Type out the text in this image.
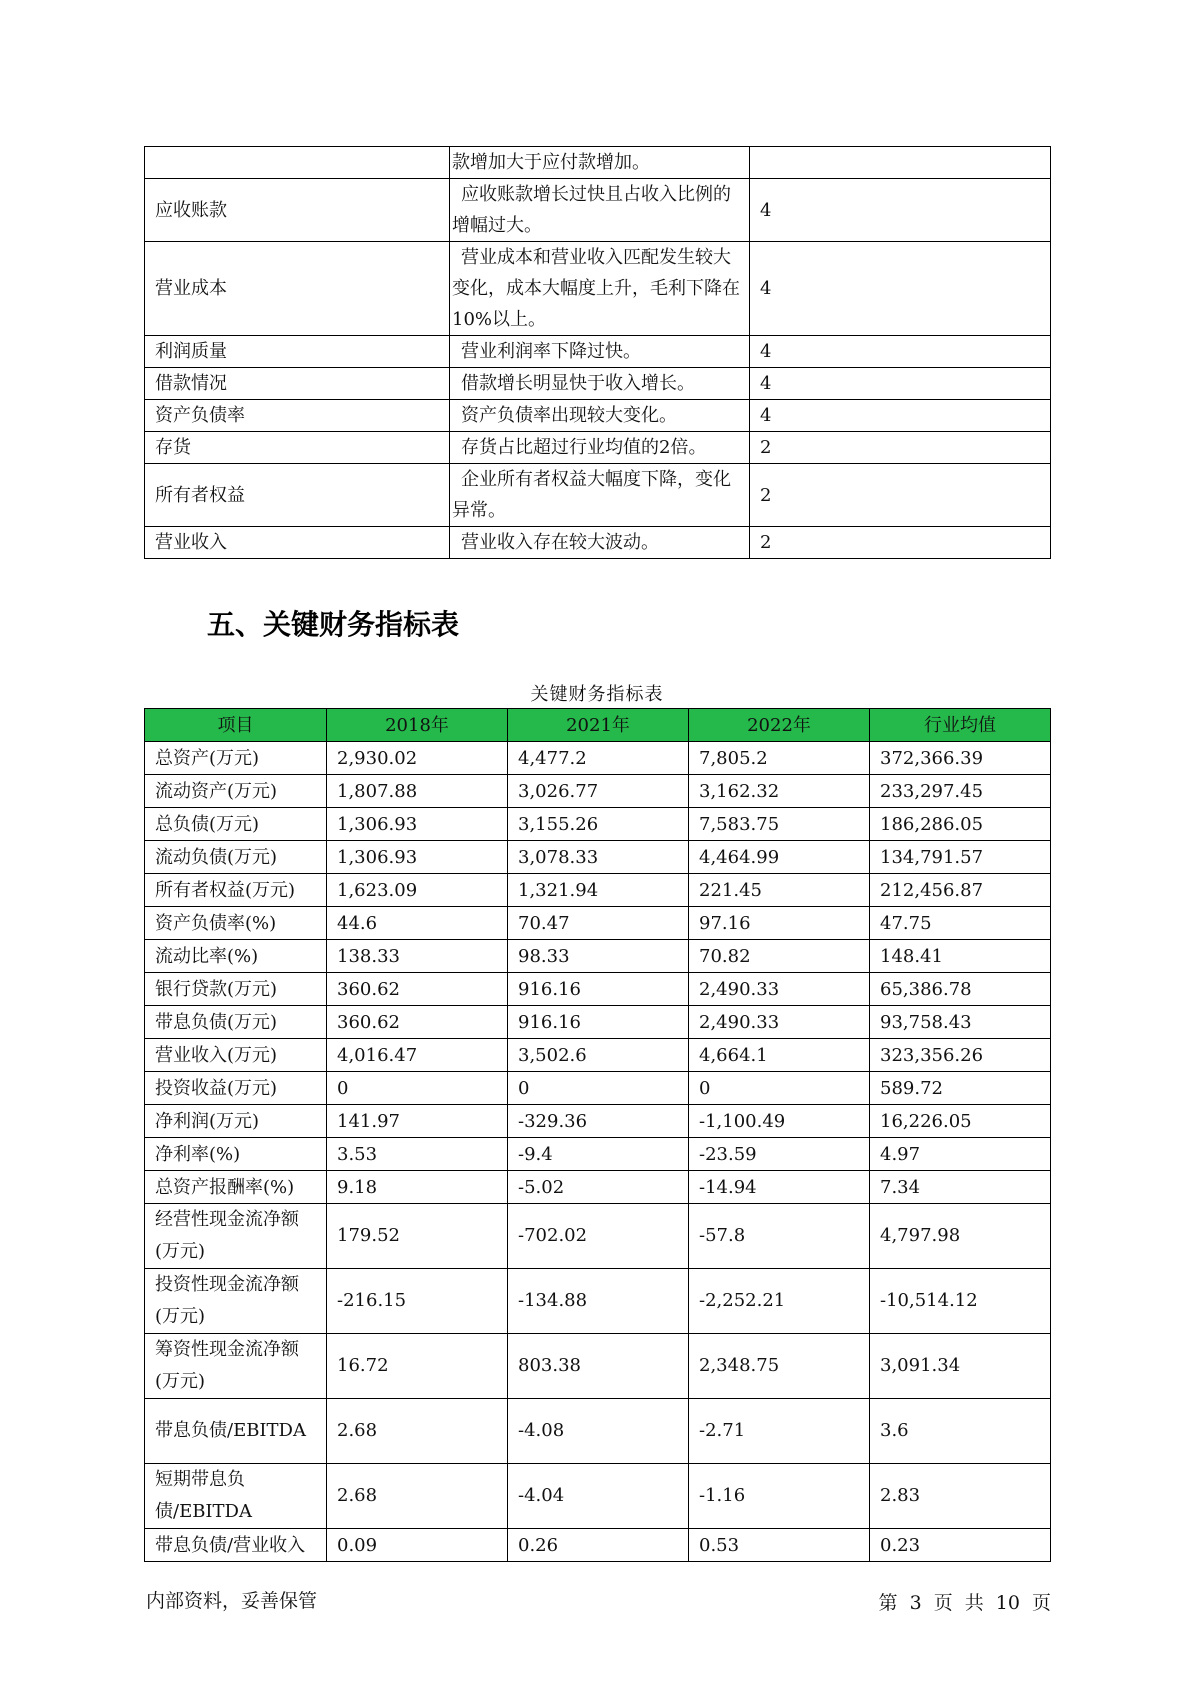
	款增加大于应付款增加。	
应收账款	应收账款增长过快且占收入比例的增幅过大。	4
营业成本	营业成本和营业收入匹配发生较大变化，成本大幅度上升，毛利下降在10%以上。	4
利润质量	营业利润率下降过快。	4
借款情况	借款增长明显快于收入增长。	4
资产负债率	资产负债率出现较大变化。	4
存货	存货占比超过行业均值的2倍。	2
所有者权益	企业所有者权益大幅度下降，变化异常。	2
营业收入	营业收入存在较大波动。	2
五、关键财务指标表
关键财务指标表
项目	2018年	2021年	2022年	行业均值
总资产(万元)	2,930.02	4,477.2	7,805.2	372,366.39
流动资产(万元)	1,807.88	3,026.77	3,162.32	233,297.45
总负债(万元)	1,306.93	3,155.26	7,583.75	186,286.05
流动负债(万元)	1,306.93	3,078.33	4,464.99	134,791.57
所有者权益(万元)	1,623.09	1,321.94	221.45	212,456.87
资产负债率(%)	44.6	70.47	97.16	47.75
流动比率(%)	138.33	98.33	70.82	148.41
银行贷款(万元)	360.62	916.16	2,490.33	65,386.78
带息负债(万元)	360.62	916.16	2,490.33	93,758.43
营业收入(万元)	4,016.47	3,502.6	4,664.1	323,356.26
投资收益(万元)	0	0	0	589.72
净利润(万元)	141.97	-329.36	-1,100.49	16,226.05
净利率(%)	3.53	-9.4	-23.59	4.97
总资产报酬率(%)	9.18	-5.02	-14.94	7.34
经营性现金流净额(万元)	179.52	-702.02	-57.8	4,797.98
投资性现金流净额(万元)	-216.15	-134.88	-2,252.21	-10,514.12
筹资性现金流净额(万元)	16.72	803.38	2,348.75	3,091.34
带息负债/EBITDA	2.68	-4.08	-2.71	3.6
短期带息负债/EBITDA	2.68	-4.04	-1.16	2.83
带息负债/营业收入	0.09	0.26	0.53	0.23
内部资料，妥善保管	第 3 页 共 10 页
